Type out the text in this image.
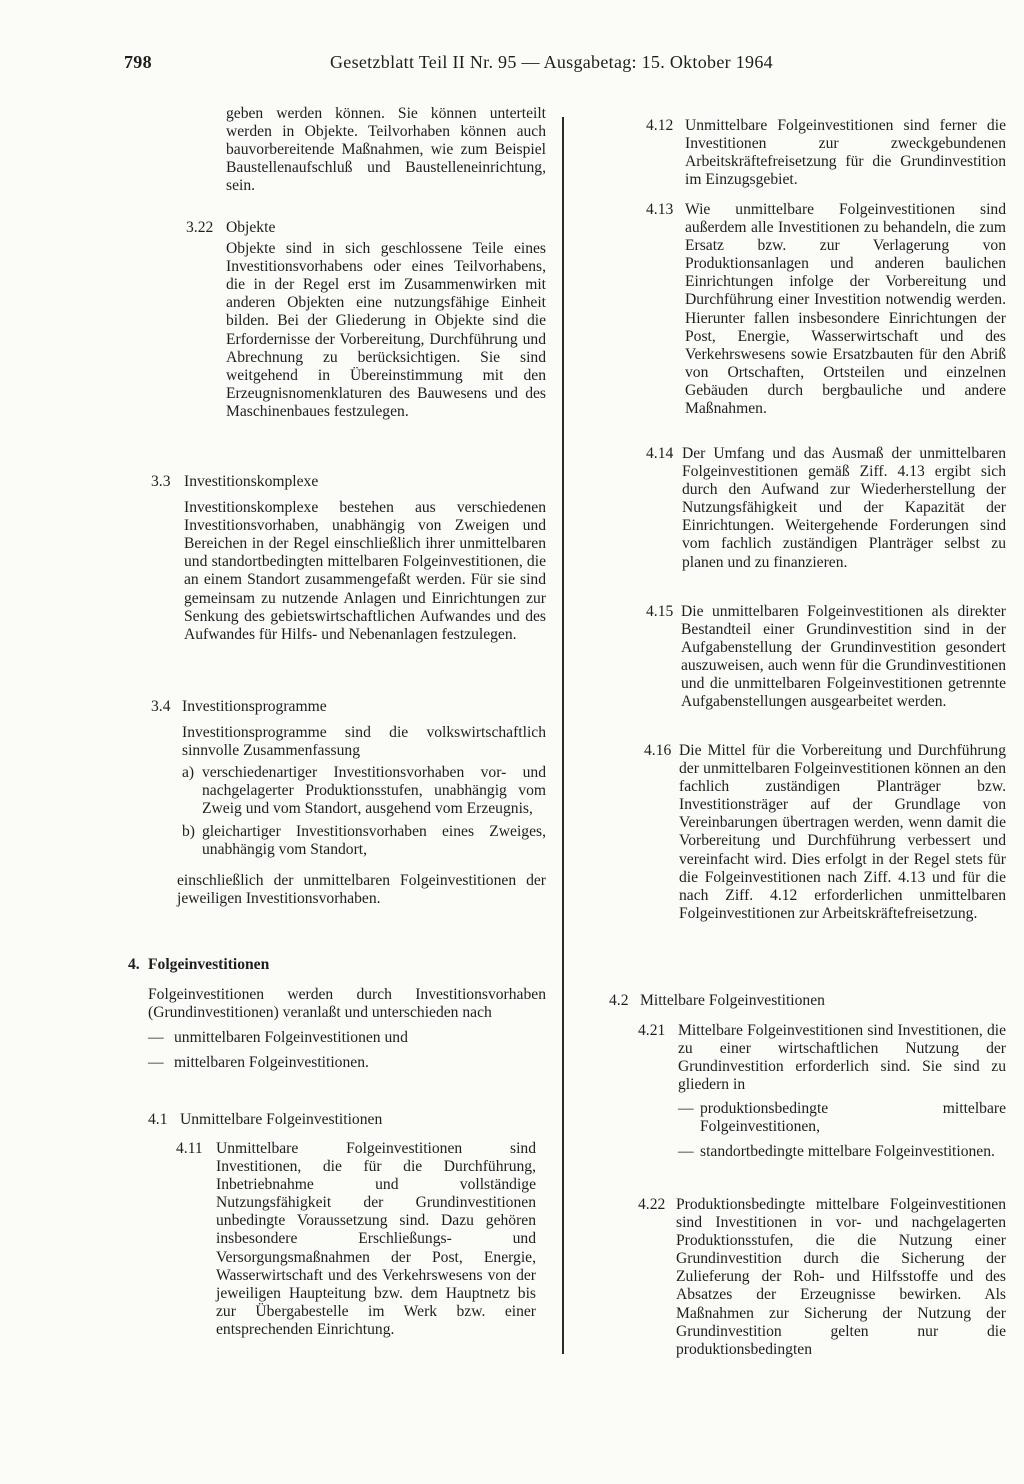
798	Gesetzblatt Teil II Nr. 95 — Ausgabetag: 15. Oktober 1964
geben werden können. Sie können unterteilt werden in Objekte. Teilvorhaben können auch bauvorbereitende Maßnahmen, wie zum Beispiel Baustellenaufschluß und Baustelleneinrichtung, sein.
3.22 Objekte
Objekte sind in sich geschlossene Teile eines Investitionsvorhabens oder eines Teilvorhabens, die in der Regel erst im Zusammenwirken mit anderen Objekten eine nutzungsfähige Einheit bilden. Bei der Gliederung in Objekte sind die Erfordernisse der Vorbereitung, Durchführung und Abrechnung zu berücksichtigen. Sie sind weitgehend in Übereinstimmung mit den Erzeugnisnomenklaturen des Bauwesens und des Maschinenbaues festzulegen.
3.3 Investitionskomplexe
Investitionskomplexe bestehen aus verschiedenen Investitionsvorhaben, unabhängig von Zweigen und Bereichen in der Regel einschließlich ihrer unmittelbaren und standortbedingten mittelbaren Folgeinvestitionen, die an einem Standort zusammengefaßt werden. Für sie sind gemeinsam zu nutzende Anlagen und Einrichtungen zur Senkung des gebietswirtschaftlichen Aufwandes und des Aufwandes für Hilfs- und Nebenanlagen festzulegen.
3.4 Investitionsprogramme
Investitionsprogramme sind die volkswirtschaftlich sinnvolle Zusammenfassung
a) verschiedenartiger Investitionsvorhaben vor- und nachgelagerter Produktionsstufen, unabhängig vom Zweig und vom Standort, ausgehend vom Erzeugnis,
b) gleichartiger Investitionsvorhaben eines Zweiges, unabhängig vom Standort,
einschließlich der unmittelbaren Folgeinvestitionen der jeweiligen Investitionsvorhaben.
4. Folgeinvestitionen
Folgeinvestitionen werden durch Investitionsvorhaben (Grundinvestitionen) veranlaßt und unterschieden nach
— unmittelbaren Folgeinvestitionen und
— mittelbaren Folgeinvestitionen.
4.1 Unmittelbare Folgeinvestitionen
4.11 Unmittelbare Folgeinvestitionen sind Investitionen, die für die Durchführung, Inbetriebnahme und vollständige Nutzungsfähigkeit der Grundinvestitionen unbedingte Voraussetzung sind. Dazu gehören insbesondere Erschließungs- und Versorgungsmaßnahmen der Post, Energie, Wasserwirtschaft und des Verkehrswesens von der jeweiligen Haupteitung bzw. dem Hauptnetz bis zur Übergabestelle im Werk bzw. einer entsprechenden Einrichtung.
4.12 Unmittelbare Folgeinvestitionen sind ferner die Investitionen zur zweckgebundenen Arbeitskräftefreisetzung für die Grundinvestition im Einzugsgebiet.
4.13 Wie unmittelbare Folgeinvestitionen sind außerdem alle Investitionen zu behandeln, die zum Ersatz bzw. zur Verlagerung von Produktionsanlagen und anderen baulichen Einrichtungen infolge der Vorbereitung und Durchführung einer Investition notwendig werden. Hierunter fallen insbesondere Einrichtungen der Post, Energie, Wasserwirtschaft und des Verkehrswesens sowie Ersatzbauten für den Abriß von Ortschaften, Ortsteilen und einzelnen Gebäuden durch bergbauliche und andere Maßnahmen.
4.14 Der Umfang und das Ausmaß der unmittelbaren Folgeinvestitionen gemäß Ziff. 4.13 ergibt sich durch den Aufwand zur Wiederherstellung der Nutzungsfähigkeit und der Kapazität der Einrichtungen. Weitergehende Forderungen sind vom fachlich zuständigen Planträger selbst zu planen und zu finanzieren.
4.15 Die unmittelbaren Folgeinvestitionen als direkter Bestandteil einer Grundinvestition sind in der Aufgabenstellung der Grundinvestition gesondert auszuweisen, auch wenn für die Grundinvestitionen und die unmittelbaren Folgeinvestitionen getrennte Aufgabenstellungen ausgearbeitet werden.
4.16 Die Mittel für die Vorbereitung und Durchführung der unmittelbaren Folgeinvestitionen können an den fachlich zuständigen Planträger bzw. Investitionsträger auf der Grundlage von Vereinbarungen übertragen werden, wenn damit die Vorbereitung und Durchführung verbessert und vereinfacht wird. Dies erfolgt in der Regel stets für die Folgeinvestitionen nach Ziff. 4.13 und für die nach Ziff. 4.12 erforderlichen unmittelbaren Folgeinvestitionen zur Arbeitskräftefreisetzung.
4.2 Mittelbare Folgeinvestitionen
4.21 Mittelbare Folgeinvestitionen sind Investitionen, die zu einer wirtschaftlichen Nutzung der Grundinvestition erforderlich sind. Sie sind zu gliedern in
— produktionsbedingte mittelbare Folgeinvestitionen,
— standortbedingte mittelbare Folgeinvestitionen.
4.22 Produktionsbedingte mittelbare Folgeinvestitionen sind Investitionen in vor- und nachgelagerten Produktionsstufen, die die Nutzung einer Grundinvestition durch die Sicherung der Zulieferung der Roh- und Hilfsstoffe und des Absatzes der Erzeugnisse bewirken. Als Maßnahmen zur Sicherung der Nutzung der Grundinvestition gelten nur die produktionsbedingten
